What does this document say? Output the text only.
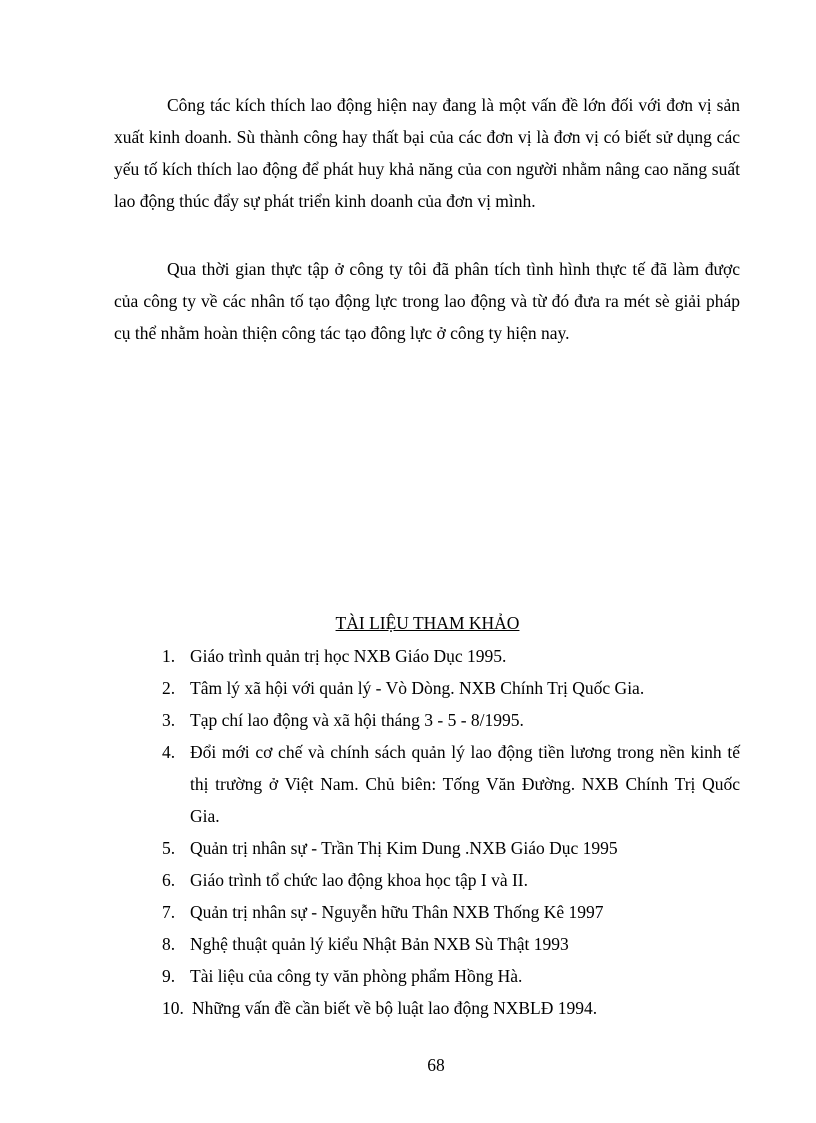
Công tác kích thích lao động hiện nay đang là một vấn đề lớn đối với đơn vị sản xuất kinh doanh. Sù thành công hay thất bại của các đơn vị là đơn vị có biết sử dụng các yếu tố kích thích lao động để phát huy khả năng của con người nhằm nâng cao năng suất lao động thúc đẩy sự phát triển kinh doanh của đơn vị mình.

Qua thời gian thực tập ở công ty tôi đã phân tích tình hình thực tế đã làm được của công ty về các nhân tố tạo động lực trong lao động và từ đó đưa ra mét sè giải pháp cụ thể nhằm hoàn thiện công tác tạo đông lực ở công ty hiện nay.

TÀI LIỆU THAM KHẢO

1. Giáo trình quản trị học NXB Giáo Dục 1995.
2. Tâm lý xã hội với quản lý - Vò Dòng. NXB Chính Trị Quốc Gia.
3. Tạp chí lao động và xã hội tháng 3 - 5 - 8/1995.
4. Đổi mới cơ chế và chính sách quản lý lao động tiền lương trong nền kinh tế thị trường ở Việt Nam. Chủ biên: Tống Văn Đường. NXB Chính Trị Quốc Gia.
5. Quản trị nhân sự - Trần Thị Kim Dung .NXB Giáo Dục 1995
6. Giáo trình tổ chức lao động khoa học tập I và II.
7. Quản trị nhân sự - Nguyễn hữu Thân NXB Thống Kê 1997
8. Nghệ thuật quản lý kiểu Nhật Bản NXB Sù Thật 1993
9. Tài liệu của công ty văn phòng phẩm Hồng Hà.
10. Những vấn đề cần biết về bộ luật lao động NXBLĐ 1994.

68
